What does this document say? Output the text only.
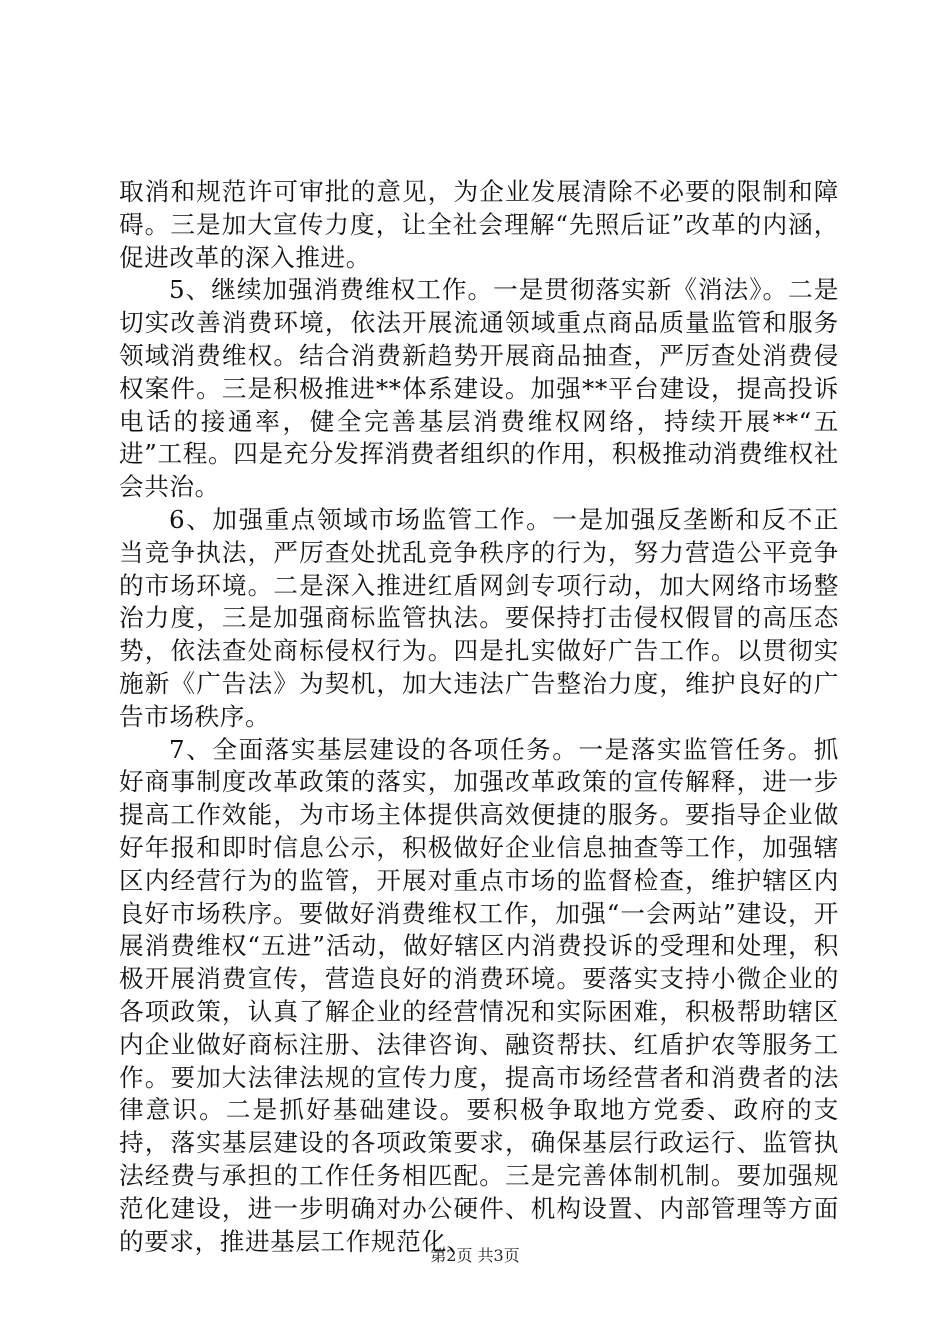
取消和规范许可审批的意见，为企业发展清除不必要的限制和障碍。三是加大宣传力度，让全社会理解“先照后证”改革的内涵，促进改革的深入推进。

5、继续加强消费维权工作。一是贯彻落实新《消法》。二是切实改善消费环境，依法开展流通领域重点商品质量监管和服务领域消费维权。结合消费新趋势开展商品抽查，严厉查处消费侵权案件。三是积极推进**体系建设。加强**平台建设，提高投诉电话的接通率，健全完善基层消费维权网络，持续开展**“五进”工程。四是充分发挥消费者组织的作用，积极推动消费维权社会共治。

6、加强重点领域市场监管工作。一是加强反垄断和反不正当竞争执法，严厉查处扰乱竞争秩序的行为，努力营造公平竞争的市场环境。二是深入推进红盾网剑专项行动，加大网络市场整治力度，三是加强商标监管执法。要保持打击侵权假冒的高压态势，依法查处商标侵权行为。四是扎实做好广告工作。以贯彻实施新《广告法》为契机，加大违法广告整治力度，维护良好的广告市场秩序。

7、全面落实基层建设的各项任务。一是落实监管任务。抓好商事制度改革政策的落实，加强改革政策的宣传解释，进一步提高工作效能，为市场主体提供高效便捷的服务。要指导企业做好年报和即时信息公示，积极做好企业信息抽查等工作，加强辖区内经营行为的监管，开展对重点市场的监督检查，维护辖区内良好市场秩序。要做好消费维权工作，加强“一会两站”建设，开展消费维权“五进”活动，做好辖区内消费投诉的受理和处理，积极开展消费宣传，营造良好的消费环境。要落实支持小微企业的各项政策，认真了解企业的经营情况和实际困难，积极帮助辖区内企业做好商标注册、法律咨询、融资帮扶、红盾护农等服务工作。要加大法律法规的宣传力度，提高市场经营者和消费者的法律意识。二是抓好基础建设。要积极争取地方党委、政府的支持，落实基层建设的各项政策要求，确保基层行政运行、监管执法经费与承担的工作任务相匹配。三是完善体制机制。要加强规范化建设，进一步明确对办公硬件、机构设置、内部管理等方面的要求，推进基层工作规范化、

第2页 共3页
